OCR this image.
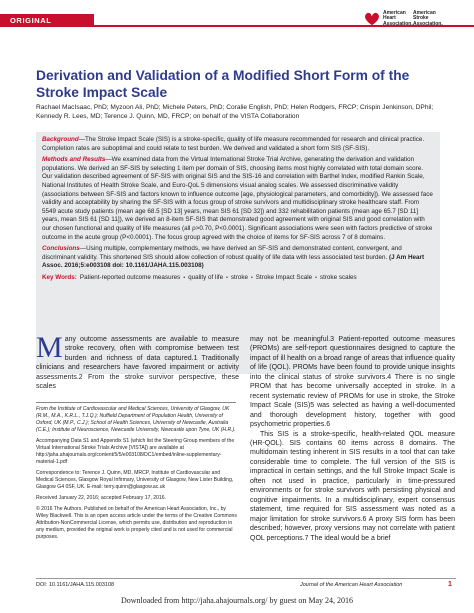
ORIGINAL RESEARCH
American
Heart
Association.
American
Stroke
Association.
Derivation and Validation of a Modified Short Form of the Stroke Impact Scale
Rachael MacIsaac, PhD; Myzoon Ali, PhD; Michele Peters, PhD; Coralie English, PhD; Helen Rodgers, FRCP; Crispin Jenkinson, DPhil; Kennedy R. Lees, MD; Terence J. Quinn, MD, FRCP; on behalf of the VISTA Collaboration

Background—The Stroke Impact Scale (SIS) is a stroke-specific, quality of life measure recommended for research and clinical practice. Completion rates are suboptimal and could relate to test burden. We derived and validated a short form SIS (SF-SIS).

Methods and Results—We examined data from the Virtual International Stroke Trial Archive, generating the derivation and validation populations. We derived an SF-SIS by selecting 1 item per domain of SIS, choosing items most highly correlated with total domain score. Our validation described agreement of SF-SIS with original SIS and the SIS-16 and correlation with Barthel Index, modified Rankin Scale, National Institutes of Health Stroke Scale, and Euro-QoL 5 dimensions visual analog scales. We assessed discriminative validity (associations between SF-SIS and factors known to influence outcome [age, physiological parameters, and comorbidity]). We assessed face validity and acceptability by sharing the SF-SIS with a focus group of stroke survivors and multidisciplinary stroke healthcare staff. From 5549 acute study patients (mean age 68.5 [SD 13] years, mean SIS 61 [SD 32]) and 332 rehabilitation patients (mean age 65.7 [SD 11] years, mean SIS 61 [SD 11]), we derived an 8-item SF-SIS that demonstrated good agreement with original SIS and good correlation with our chosen functional and quality of life measures (all ρ>0.70, P<0.0001). Significant associations were seen with factors predictive of stroke outcome in the acute group (P<0.0001). The focus group agreed with the choice of items for SF-SIS across 7 of 8 domains.

Conclusions—Using multiple, complementary methods, we have derived an SF-SIS and demonstrated content, convergent, and discriminant validity. This shortened SIS should allow collection of robust quality of life data with less associated test burden. (J Am Heart Assoc. 2016;5:e003108 doi: 10.1161/JAHA.115.003108)

Key Words: Patient-reported outcome measures • quality of life • stroke • Stroke Impact Scale • stroke scales
Many outcome assessments are available to measure stroke recovery, often with compromise between test burden and richness of data captured.1 Traditionally clinicians and researchers have favored impairment or activity assessments.2 From the stroke survivor perspective, these scales

From the Institute of Cardiovascular and Medical Sciences, University of Glasgow, UK (R.M., M.A., K.R.L., T.J.Q.); Nuffield Department of Population Health, University of Oxford, UK (M.P., C.J.); School of Health Sciences, University of Newcastle, Australia (C.E.); Institute of Neuroscience, Newcastle University, Newcastle upon Tyne, UK (H.R.).

Accompanying Data S1 and Appendix S1 (which list the Steering Group members of the Virtual International Stroke Trials Archive [VISTA]) are available at http://jaha.ahajournals.org/content/5/5/e003108/DC1/embed/inline-supplementary-material-1.pdf

Correspondence to: Terence J. Quinn, MD, MRCP, Institute of Cardiovascular and Medical Sciences, Glasgow Royal Infirmary, University of Glasgow, New Lister Building, Glasgow G4 0SF, UK. E-mail: terry.quinn@glasgow.ac.uk

Received January 22, 2016; accepted February 17, 2016.

© 2016 The Authors. Published on behalf of the American Heart Association, Inc., by Wiley Blackwell. This is an open access article under the terms of the Creative Commons Attribution-NonCommercial License, which permits use, distribution and reproduction in any medium, provided the original work is properly cited and is not used for commercial purposes.

may not be meaningful.3 Patient-reported outcome measures (PROMs) are self-report questionnaires designed to capture the impact of ill health on a broad range of areas that influence quality of life (QOL). PROMs have been found to provide unique insights into the clinical status of stroke survivors.4 There is no single PROM that has become universally accepted in stroke. In a recent systematic review of PROMs for use in stroke, the Stroke Impact Scale (SIS)5 was selected as having a well-documented and thorough development history, together with good psychometric properties.6

This SIS is a stroke-specific, health-related QOL measure (HR-QOL). SIS contains 60 items across 8 domains. The multidomain testing inherent in SIS results in a tool that can take considerable time to complete. The full version of the SIS is impractical in certain settings, and the full Stroke Impact Scale is often not used in practice, particularly in time-pressured environments or for stroke survivors with persisting physical and cognitive impairments. In a multidisciplinary, expert consensus statement, time required for SIS assessment was noted as a major limitation for stroke survivors.6 A proxy SIS form has been described; however, proxy versions may not correlate with patient QOL perceptions.7 The ideal would be a brief

DOI: 10.1161/JAHA.115.003108	Journal of the American Heart Association	1
Downloaded from http://jaha.ahajournals.org/ by guest on May 24, 2016
